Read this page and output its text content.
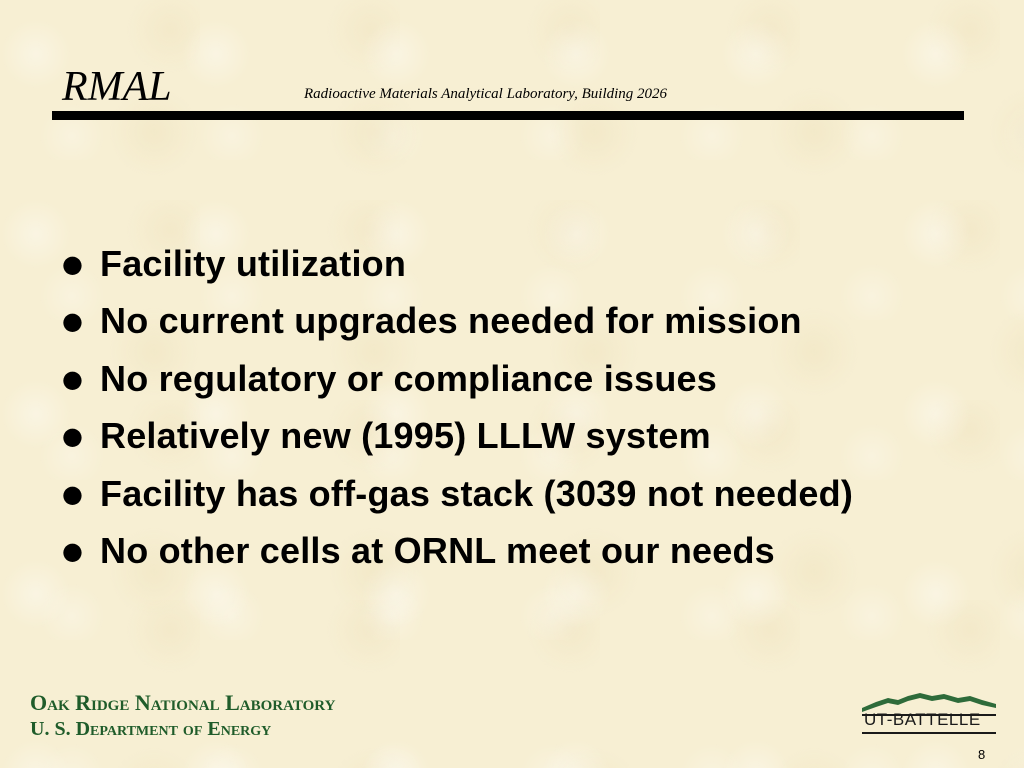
RMAL	Radioactive Materials Analytical Laboratory, Building 2026
● Facility utilization
● No current upgrades needed for mission
● No regulatory or compliance issues
● Relatively new (1995) LLLW system
● Facility has off-gas stack (3039 not needed)
● No other cells at ORNL meet our needs
Oak Ridge National Laboratory
U. S. Department of Energy	UT-BATTELLE
8
